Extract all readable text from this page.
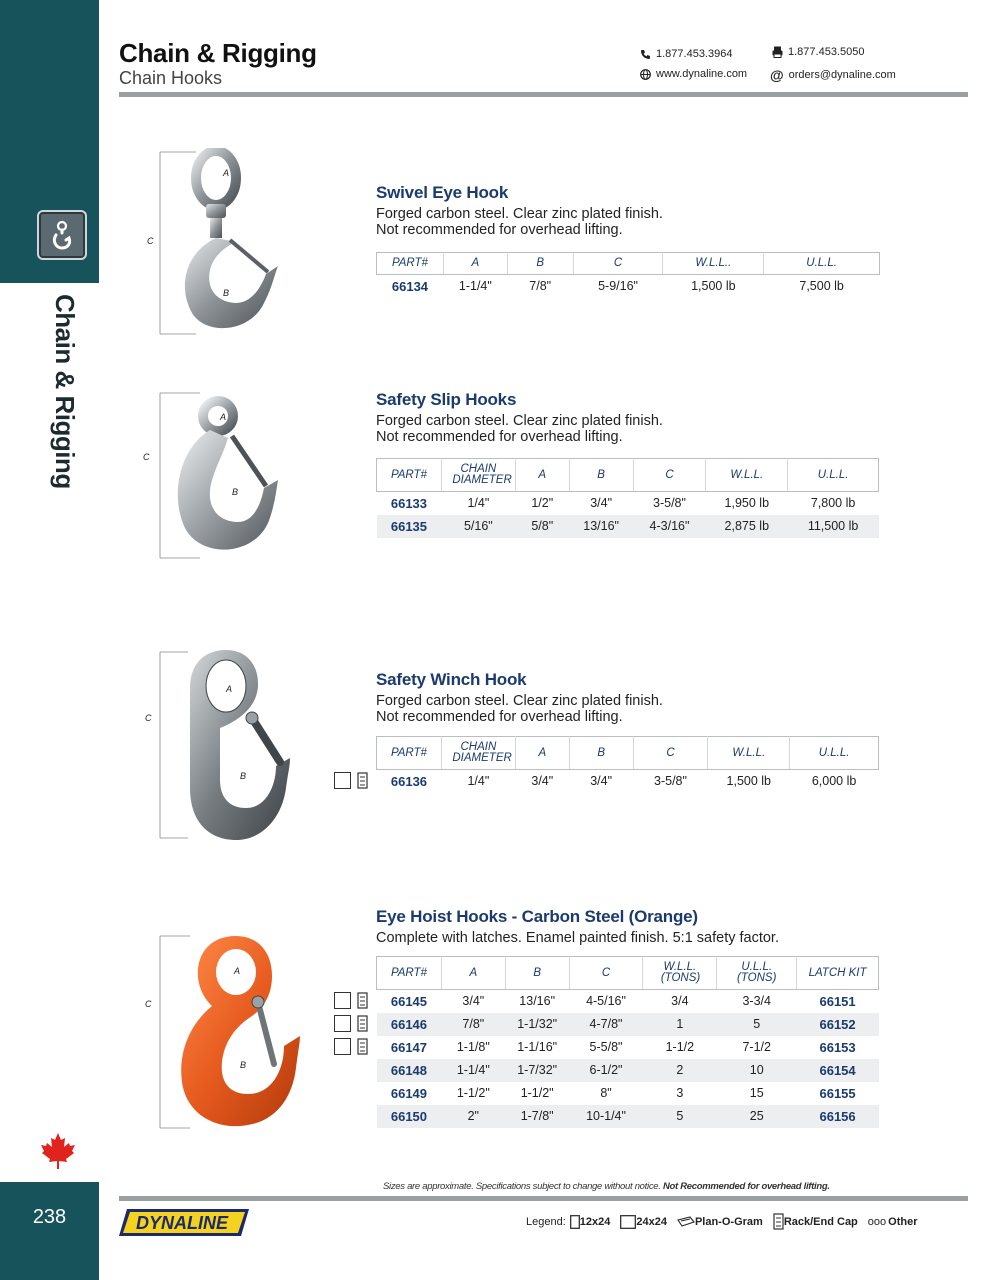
Chain & Rigging
238
Chain & Rigging
Chain Hooks
1.877.453.3964	1.877.453.5050
www.dynaline.com @ orders@dynaline.com
A
B
C
Swivel Eye Hook
Forged carbon steel. Clear zinc plated finish.
Not recommended for overhead lifting.
PART#	A	B	C	W.L.L..	U.L.L.
66134	1-1/4"	7/8"	5-9/16"	1,500 lb	7,500 lb
A
B
C
Safety Slip Hooks
Forged carbon steel. Clear zinc plated finish.
Not recommended for overhead lifting.
PART#	CHAIN DIAMETER	A	B	C	W.L.L.	U.L.L.
66133	1/4"	1/2"	3/4"	3-5/8"	1,950 lb	7,800 lb
66135	5/16"	5/8"	13/16"	4-3/16"	2,875 lb	11,500 lb
A
B
C
Safety Winch Hook
Forged carbon steel. Clear zinc plated finish.
Not recommended for overhead lifting.
PART#	CHAIN DIAMETER	A	B	C	W.L.L.	U.L.L.
66136	1/4"	3/4"	3/4"	3-5/8"	1,500 lb	6,000 lb
A
B
C
Eye Hoist Hooks - Carbon Steel (Orange)
Complete with latches. Enamel painted finish. 5:1 safety factor.
PART#	A	B	C	W.L.L. (TONS)	U.L.L. (TONS)	LATCH KIT
66145	3/4"	13/16"	4-5/16"	3/4	3-3/4	66151
66146	7/8"	1-1/32"	4-7/8"	1	5	66152
66147	1-1/8"	1-1/16"	5-5/8"	1-1/2	7-1/2	66153
66148	1-1/4"	1-7/32"	6-1/2"	2	10	66154
66149	1-1/2"	1-1/2"	8"	3	15	66155
66150	2"	1-7/8"	10-1/4"	5	25	66156
Sizes are approximate. Specifications subject to change without notice. Not Recommended for overhead lifting.
DYNALINE	Legend: 12x24 24x24	Plan-O-Gram Rack/End Cap ooo Other
